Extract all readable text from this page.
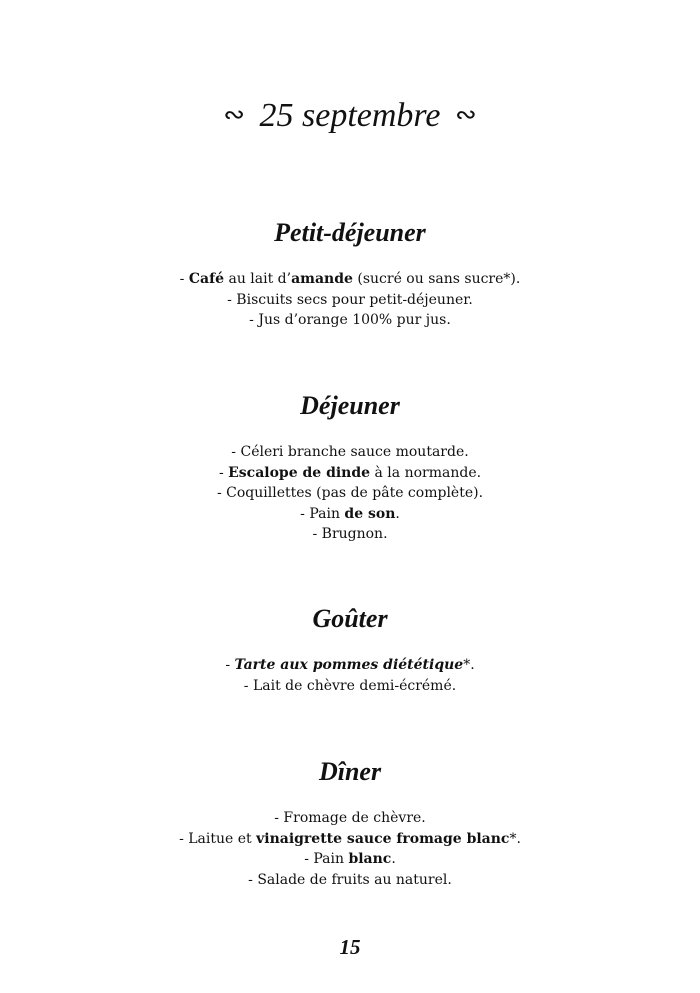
∾ 25 septembre ∾
Petit-déjeuner
- Café au lait d’amande (sucré ou sans sucre*).
- Biscuits secs pour petit-déjeuner.
- Jus d’orange 100% pur jus.
Déjeuner
- Céleri branche sauce moutarde.
- Escalope de dinde à la normande.
- Coquillettes (pas de pâte complète).
- Pain de son.
- Brugnon.
Goûter
- Tarte aux pommes diététique*.
- Lait de chèvre demi-écrémé.
Dîner
- Fromage de chèvre.
- Laitue et vinaigrette sauce fromage blanc*.
- Pain blanc.
- Salade de fruits au naturel.
15
